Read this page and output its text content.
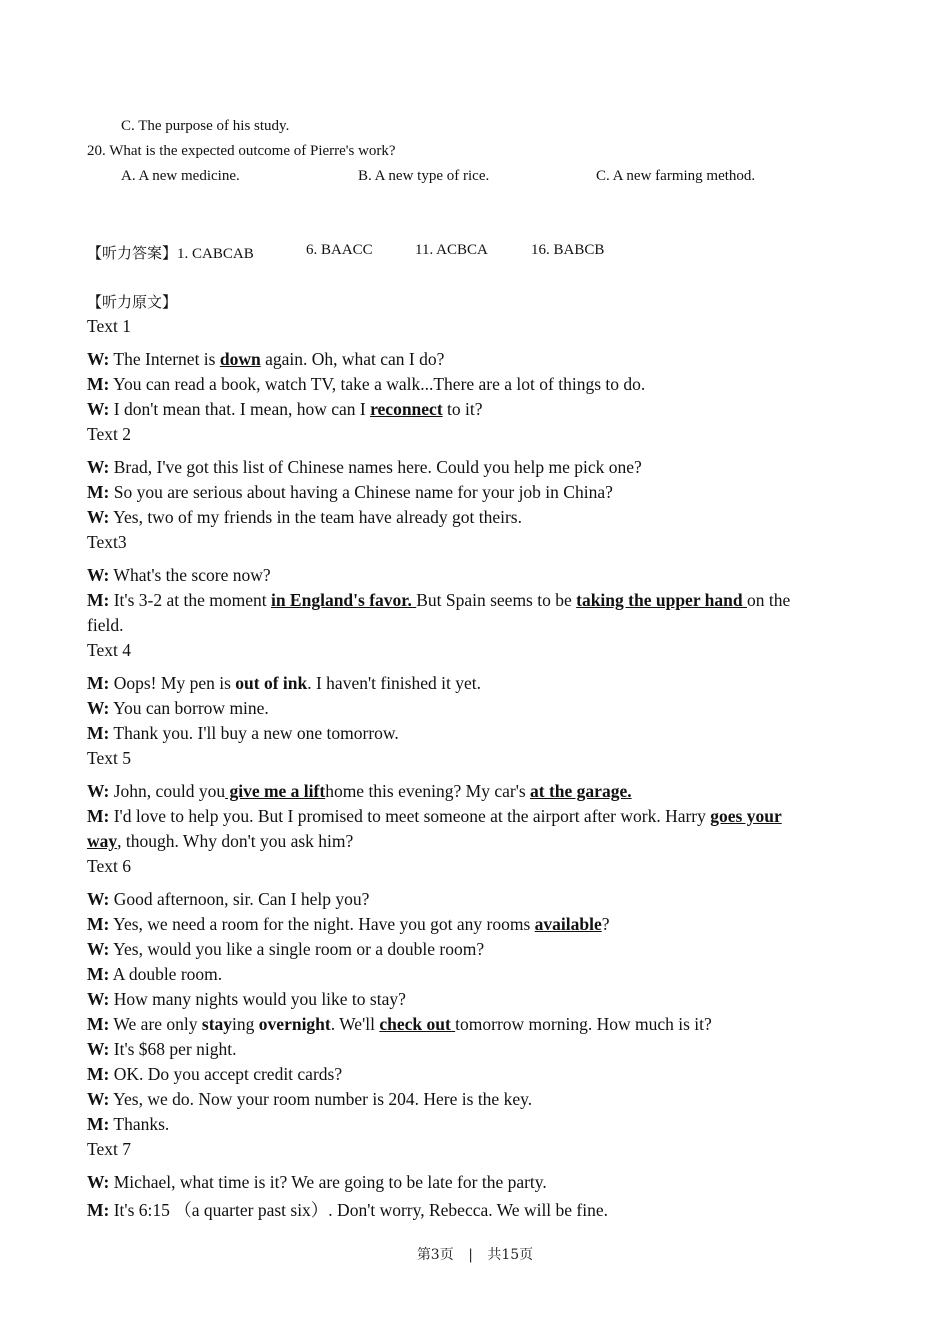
C. The purpose of his study.
20. What is the expected outcome of Pierre's work?
A. A new medicine.	B. A new type of rice.	C. A new farming method.
【听力答案】1. CABCAB	6. BAACC	11. ACBCA	16. BABCB
【听力原文】
Text 1
W: The Internet is down again. Oh, what can I do?
M: You can read a book, watch TV, take a walk...There are a lot of things to do.
W: I don't mean that. I mean, how can I reconnect to it?
Text 2
W: Brad, I've got this list of Chinese names here. Could you help me pick one?
M: So you are serious about having a Chinese name for your job in China?
W: Yes, two of my friends in the team have already got theirs.
Text3
W: What's the score now?
M: It's 3-2 at the moment in England's favor. But Spain seems to be taking the upper hand on the
field.
Text 4
M: Oops! My pen is out of ink. I haven't finished it yet.
W: You can borrow mine.
M: Thank you. I'll buy a new one tomorrow.
Text 5
W: John, could you give me a lifthome this evening? My car's at the garage.
M: I'd love to help you. But I promised to meet someone at the airport after work. Harry goes your
way, though. Why don't you ask him?
Text 6
W: Good afternoon, sir. Can I help you?
M: Yes, we need a room for the night. Have you got any rooms available?
W: Yes, would you like a single room or a double room?
M: A double room.
W: How many nights would you like to stay?
M: We are only staying overnight. We'll check out tomorrow morning. How much is it?
W: It's $68 per night.
M: OK. Do you accept credit cards?
W: Yes, we do. Now your room number is 204. Here is the key.
M: Thanks.
Text 7
W: Michael, what time is it? We are going to be late for the party.
M: It's 6:15 （a quarter past six）. Don't worry, Rebecca. We will be fine.
第3页 | 共15页
